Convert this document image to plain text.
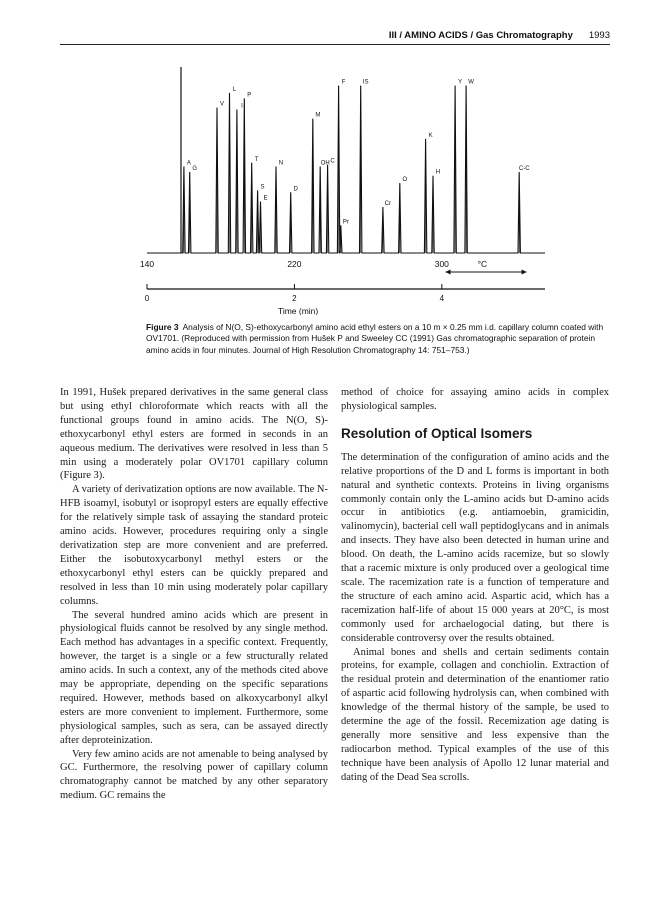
III / AMINO ACIDS / Gas Chromatography 1993
A
G
V
L
I
P
T
S
E
N
D
M
OH C
F
Pr
IS
Cr
O
K
H
Y W
C-C
140	220	300	°C
0	2	4
Time (min)

Figure 3 Analysis of N(O, S)-ethoxycarbonyl amino acid ethyl esters on a 10 m × 0.25 mm i.d. capillary column coated with OV1701. (Reproduced with permission from Hušek P and Sweeley CC (1991) Gas chromatographic separation of protein amino acids in four minutes. Journal of High Resolution Chromatography 14: 751–753.)

In 1991, Hušek prepared derivatives in the same general class but using ethyl chloroformate which reacts with all the functional groups found in amino acids. The N(O, S)-ethoxycarbonyl ethyl esters are formed in seconds in an aqueous medium. The derivatives were resolved in less than 5 min using a moderately polar OV1701 capillary column (Figure 3).

A variety of derivatization options are now available. The N-HFB isoamyl, isobutyl or isopropyl esters are equally effective for the relatively simple task of assaying the standard proteic amino acids. However, procedures requiring only a single derivatization step are more convenient and are preferred. Either the isobutoxycarbonyl methyl esters or the ethoxycarbonyl ethyl esters can be quickly prepared and resolved in less than 10 min using moderately polar capillary columns.

The several hundred amino acids which are present in physiological fluids cannot be resolved by any single method. Each method has advantages in a specific context. Frequently, however, the target is a single or a few structurally related amino acids. In such a context, any of the methods cited above may be appropriate, depending on the specific separations required. However, methods based on alkoxycarbonyl alkyl esters are more convenient to implement. Furthermore, some physiological samples, such as sera, can be assayed directly after deproteinization.

Very few amino acids are not amenable to being analysed by GC. Furthermore, the resolving power of capillary column chromatography cannot be matched by any other separatory medium. GC remains the

method of choice for assaying amino acids in complex physiological samples.

Resolution of Optical Isomers

The determination of the configuration of amino acids and the relative proportions of the D and L forms is important in both natural and synthetic contexts. Proteins in living organisms commonly contain only the L-amino acids but D-amino acids occur in antibiotics (e.g. antiamoebin, gramicidin, valinomycin), bacterial cell wall peptidoglycans and in animals and insects. They have also been detected in human urine and blood. On death, the L-amino acids racemize, but so slowly that a racemic mixture is only produced over a geological time scale. The racemization rate is a function of temperature and the structure of each amino acid. Aspartic acid, which has a racemization half-life of about 15 000 years at 20°C, is most commonly used for archaelogocial dating, but there is considerable controversy over the results obtained.

Animal bones and shells and certain sediments contain proteins, for example, collagen and conchiolin. Extraction of the residual protein and determination of the enantiomer ratio of aspartic acid following hydrolysis can, when combined with knowledge of the thermal history of the sample, be used to determine the age of the fossil. Recemization age dating is generally more sensitive and less expensive than the radiocarbon method. Typical examples of the use of this technique have been analysis of Apollo 12 lunar material and dating of the Dead Sea scrolls.
